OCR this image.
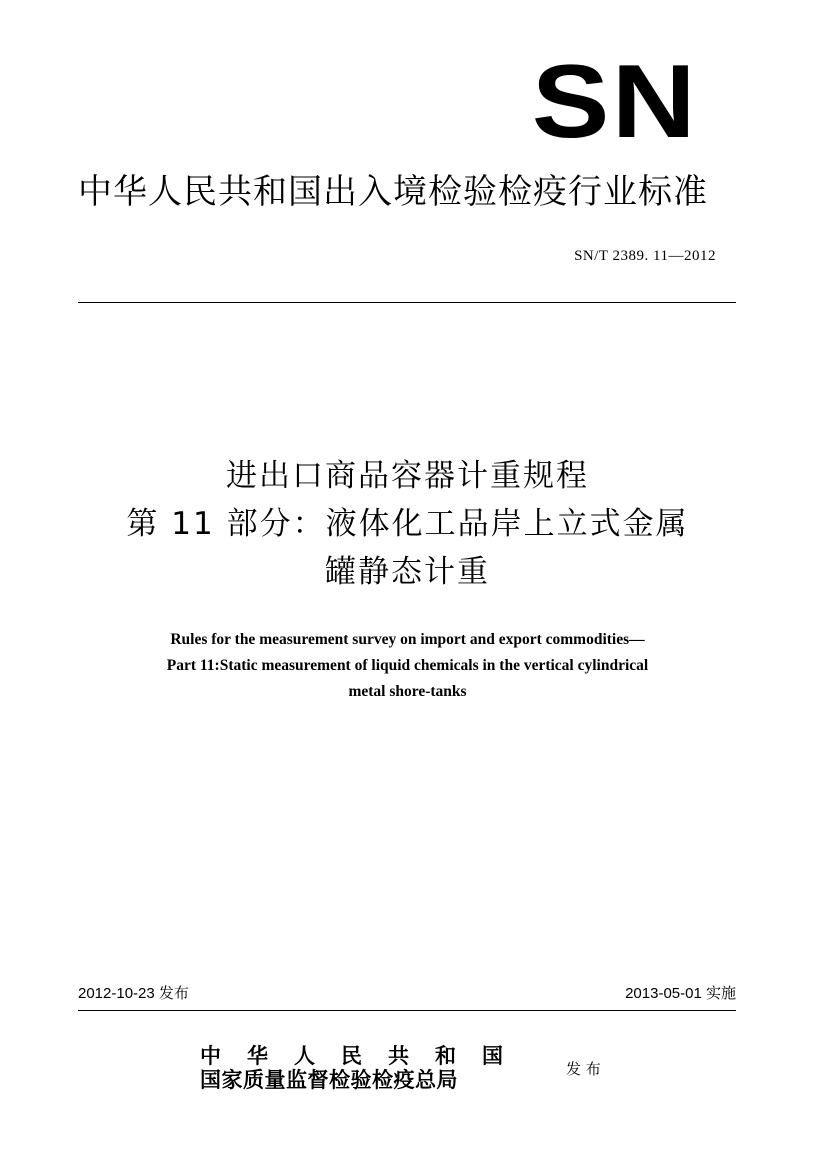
SN
中华人民共和国出入境检验检疫行业标准
SN/T 2389. 11—2012
进出口商品容器计重规程
第 11 部分：液体化工品岸上立式金属
罐静态计重
Rules for the measurement survey on import and export commodities—
Part 11:Static measurement of liquid chemicals in the vertical cylindrical
metal shore-tanks
2012-10-23 发布	2013-05-01 实施
中华人民共和国
国家质量监督检验检疫总局	发 布
